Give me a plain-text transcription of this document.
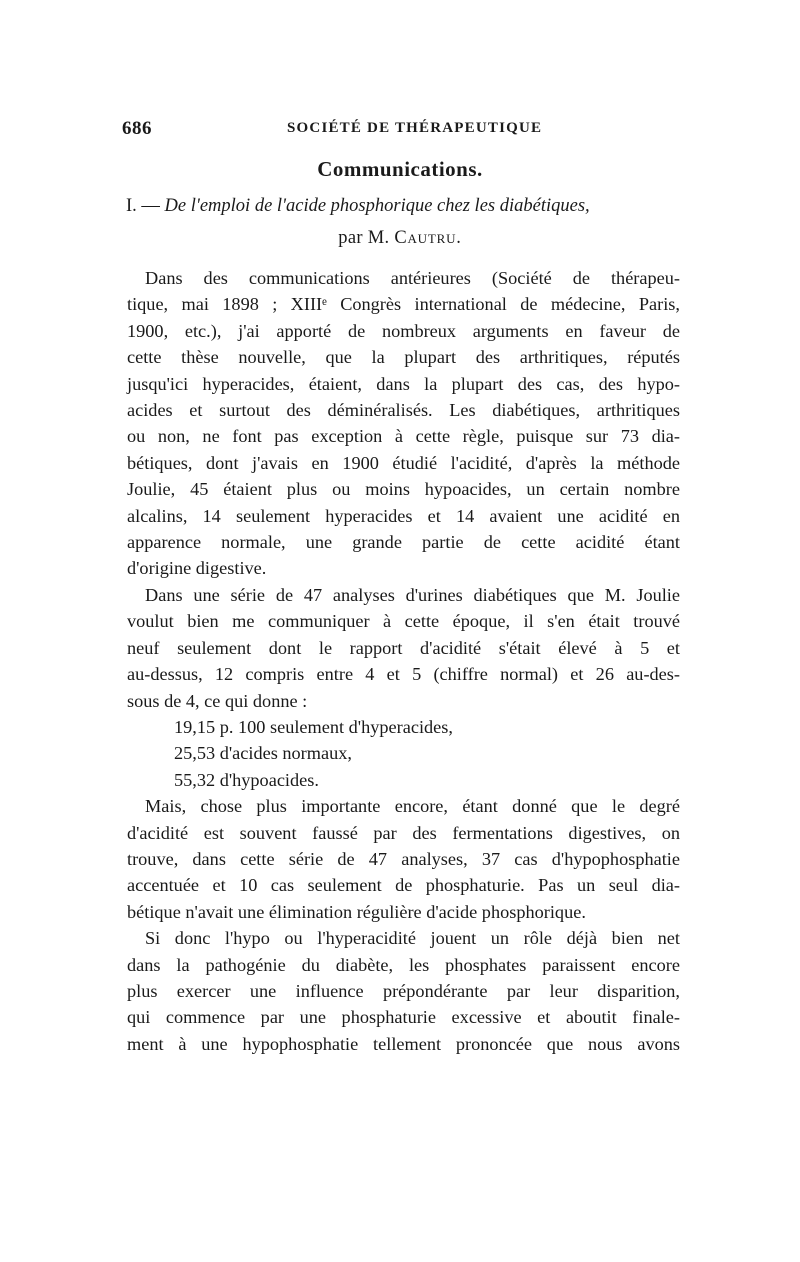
686	SOCIÉTÉ DE THÉRAPEUTIQUE
Communications.
I. — De l'emploi de l'acide phosphorique chez les diabétiques,
par M. Cautru.

Dans des communications antérieures (Société de thérapeu-

tique, mai 1898 ; XIIIᵉ Congrès international de médecine, Paris,

1900, etc.), j'ai apporté de nombreux arguments en faveur de

cette thèse nouvelle, que la plupart des arthritiques, réputés

jusqu'ici hyperacides, étaient, dans la plupart des cas, des hypo-

acides et surtout des déminéralisés. Les diabétiques, arthritiques

ou non, ne font pas exception à cette règle, puisque sur 73 dia-

bétiques, dont j'avais en 1900 étudié l'acidité, d'après la méthode

Joulie, 45 étaient plus ou moins hypoacides, un certain nombre

alcalins, 14 seulement hyperacides et 14 avaient une acidité en

apparence normale, une grande partie de cette acidité étant

d'origine digestive.

Dans une série de 47 analyses d'urines diabétiques que M. Joulie

voulut bien me communiquer à cette époque, il s'en était trouvé

neuf seulement dont le rapport d'acidité s'était élevé à 5 et

au-dessus, 12 compris entre 4 et 5 (chiffre normal) et 26 au-des-

sous de 4, ce qui donne :

19,15 p. 100 seulement d'hyperacides,

25,53 d'acides normaux,

55,32 d'hypoacides.

Mais, chose plus importante encore, étant donné que le degré

d'acidité est souvent faussé par des fermentations digestives, on

trouve, dans cette série de 47 analyses, 37 cas d'hypophosphatie

accentuée et 10 cas seulement de phosphaturie. Pas un seul dia-

bétique n'avait une élimination régulière d'acide phosphorique.

Si donc l'hypo ou l'hyperacidité jouent un rôle déjà bien net

dans la pathogénie du diabète, les phosphates paraissent encore

plus exercer une influence prépondérante par leur disparition,

qui commence par une phosphaturie excessive et aboutit finale-

ment à une hypophosphatie tellement prononcée que nous avons
